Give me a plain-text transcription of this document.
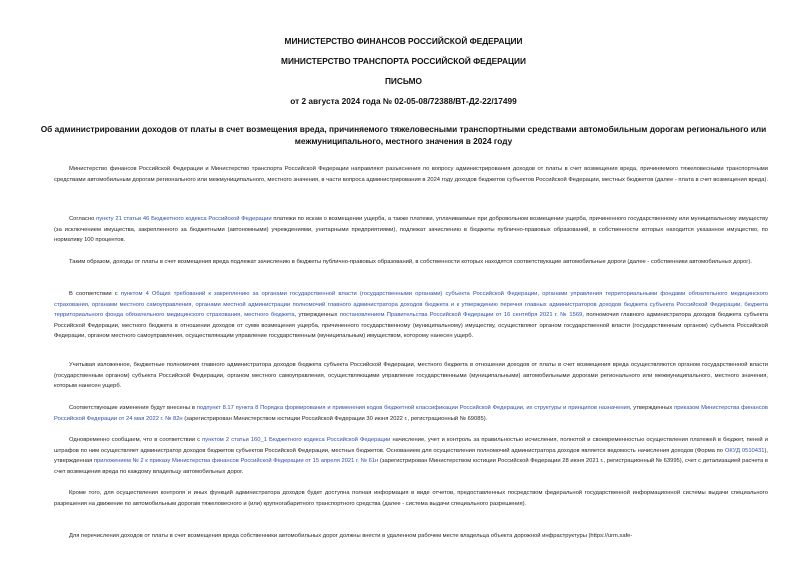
МИНИСТЕРСТВО ФИНАНСОВ РОССИЙСКОЙ ФЕДЕРАЦИИ
МИНИСТЕРСТВО ТРАНСПОРТА РОССИЙСКОЙ ФЕДЕРАЦИИ
ПИСЬМО
от 2 августа 2024 года № 02-05-08/72388/ВТ-Д2-22/17499
Об администрировании доходов от платы в счет возмещения вреда, причиняемого тяжеловесными транспортными средствами автомобильным дорогам регионального или межмуниципального, местного значения в 2024 году

Министерство финансов Российской Федерации и Министерство транспорта Российской Федерации направляют разъяснения по вопросу администрирования доходов от платы в счет возмещения вреда, причиняемого тяжеловесными транспортными средствами автомобильным дорогам регионального или межмуниципального, местного значения, в части вопроса администрирования в 2024 году доходов бюджетов субъектов Российской Федерации, местных бюджетов (далее - плата в счет возмещения вреда).

Согласно пункту 21 статьи 46 Бюджетного кодекса Российской Федерации платежи по искам о возмещении ущерба, а также платежи, уплачиваемые при добровольном возмещении ущерба, причиненного государственному или муниципальному имуществу (за исключением имущества, закрепленного за бюджетными (автономными) учреждениями, унитарными предприятиями), подлежат зачислению в бюджеты публично-правовых образований, в собственности которых находится указанное имущество, по нормативу 100 процентов.

Таким образом, доходы от платы в счет возмещения вреда подлежат зачислению в бюджеты публично-правовых образований, в собственности которых находятся соответствующие автомобильные дороги (далее - собственники автомобильных дорог).

В соответствии с пунктом 4 Общих требований к закреплению за органами государственной власти (государственными органами) субъекта Российской Федерации, органами управления территориальными фондами обязательного медицинского страхования, органами местного самоуправления, органами местной администрации полномочий главного администратора доходов бюджета и к утверждению перечня главных администраторов доходов бюджета субъекта Российской Федерации, бюджета территориального фонда обязательного медицинского страхования, местного бюджета, утвержденных постановлением Правительства Российской Федерации от 16 сентября 2021 г. № 1569, полномочия главного администратора доходов бюджета субъекта Российской Федерации, местного бюджета в отношении доходов от сумм возмещения ущерба, причиненного государственному (муниципальному) имуществу, осуществляют органом государственной власти (государственным органом) субъекта Российской Федерации, органом местного самоуправления, осуществляющим управление государственным (муниципальным) имуществом, которому нанесен ущерб.

Учитывая изложенное, бюджетные полномочия главного администратора доходов бюджета субъекта Российской Федерации, местного бюджета в отношении доходов от платы в счет возмещения вреда осуществляются органом государственной власти (государственным органом) субъекта Российской Федерации, органом местного самоуправления, осуществляющими управление государственными (муниципальными) автомобильными дорогами регионального или межмуниципального, местного значения, которым нанесен ущерб.

Соответствующие изменения будут внесены в подпункт 8.17 пункта 8 Порядка формирования и применения кодов бюджетной классификации Российской Федерации, их структуры и принципов назначения, утвержденных приказом Министерства финансов Российской Федерации от 24 мая 2022 г. № 82н (зарегистрирован Министерством юстиции Российской Федерации 30 июня 2022 г., регистрационный № 69085).

Одновременно сообщаем, что в соответствии с пунктом 2 статьи 160_1 Бюджетного кодекса Российской Федерации начисление, учет и контроль за правильностью исчисления, полнотой и своевременностью осуществления платежей в бюджет, пеней и штрафов по ним осуществляет администратор доходов бюджетов субъектов Российской Федерации, местных бюджетов. Основанием для осуществления полномочий администратора доходов является ведомость начисления доходов (Форма по ОКУД 0510431), утвержденная приложением № 2 к приказу Министерства финансов Российской Федерации от 15 апреля 2021 г. № 61н (зарегистрирован Министерством юстиции Российской Федерации 28 июня 2021 г., регистрационный № 63995), счет с детализацией расчета в счет возмещения вреда по каждому владельцу автомобильных дорог.

Кроме того, для осуществления контроля и иных функций администратора доходов будет доступна полная информация в виде отчетов, предоставленных посредством федеральной государственной информационной системы выдачи специального разрешения на движение по автомобильным дорогам тяжеловесного и (или) крупногабаритного транспортного средства (далее - система выдачи специального разрешения).

Для перечисления доходов от платы в счет возмещения вреда собственники автомобильных дорог должны внести в удаленном рабочем месте владельца объекта дорожной инфраструктуры (https://urm.safe-
